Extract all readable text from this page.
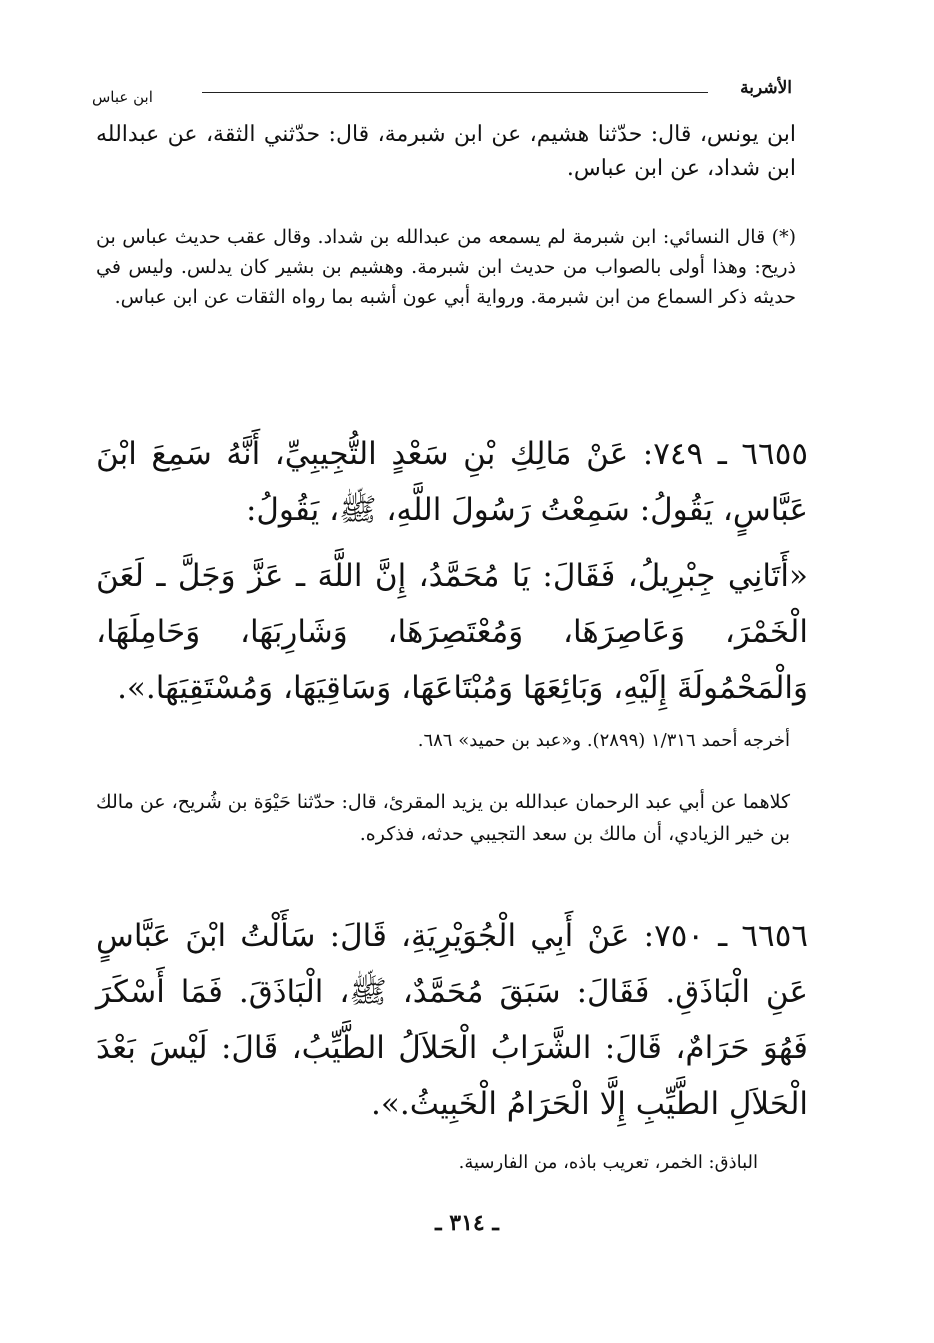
الأشربة
ابن عباس

ابن يونس، قال: حدّثنا هشيم، عن ابن شبرمة، قال: حدّثني الثقة، عن عبدالله ابن شداد، عن ابن عباس.

(*) قال النسائي: ابن شبرمة لم يسمعه من عبدالله بن شداد. وقال عقب حديث عباس بن ذريح: وهذا أولى بالصواب من حديث ابن شبرمة. وهشيم بن بشير كان يدلس. وليس في حديثه ذكر السماع من ابن شبرمة. ورواية أبي عون أشبه بما رواه الثقات عن ابن عباس.

٦٦٥٥ ـ ٧٤٩: عَنْ مَالِكِ بْنِ سَعْدٍ التُّجِيبِيِّ، أَنَّهُ سَمِعَ ابْنَ عَبَّاسٍ، يَقُولُ: سَمِعْتُ رَسُولَ اللَّهِ، ﷺ، يَقُولُ:

«أَتَانِي جِبْرِيلُ، فَقَالَ: يَا مُحَمَّدُ، إِنَّ اللَّهَ ـ عَزَّ وَجَلَّ ـ لَعَنَ الْخَمْرَ، وَعَاصِرَهَا، وَمُعْتَصِرَهَا، وَشَارِبَهَا، وَحَامِلَهَا، وَالْمَحْمُولَةَ إِلَيْهِ، وَبَائِعَهَا وَمُبْتَاعَهَا، وَسَاقِيَهَا، وَمُسْتَقِيَهَا.».

أخرجه أحمد ١/٣١٦ (٢٨٩٩). و«عبد بن حميد» ٦٨٦.

كلاهما عن أبي عبد الرحمان عبدالله بن يزيد المقرئ، قال: حدّثنا حَيْوَة بن شُريح، عن مالك بن خير الزيادي، أن مالك بن سعد التجيبي حدثه، فذكره.

٦٦٥٦ ـ ٧٥٠: عَنْ أَبِي الْجُوَيْرِيَةِ، قَالَ: سَأَلْتُ ابْنَ عَبَّاسٍ عَنِ الْبَاذَقِ. فَقَالَ: سَبَقَ مُحَمَّدٌ، ﷺ، الْبَاذَقَ. فَمَا أَسْكَرَ فَهُوَ حَرَامٌ، قَالَ: الشَّرَابُ الْحَلاَلُ الطَّيِّبُ، قَالَ: لَيْسَ بَعْدَ الْحَلاَلِ الطَّيِّبِ إِلَّا الْحَرَامُ الْخَبِيثُ.».

الباذق: الخمر، تعريب باذه، من الفارسية.

ـ ٣١٤ ـ
